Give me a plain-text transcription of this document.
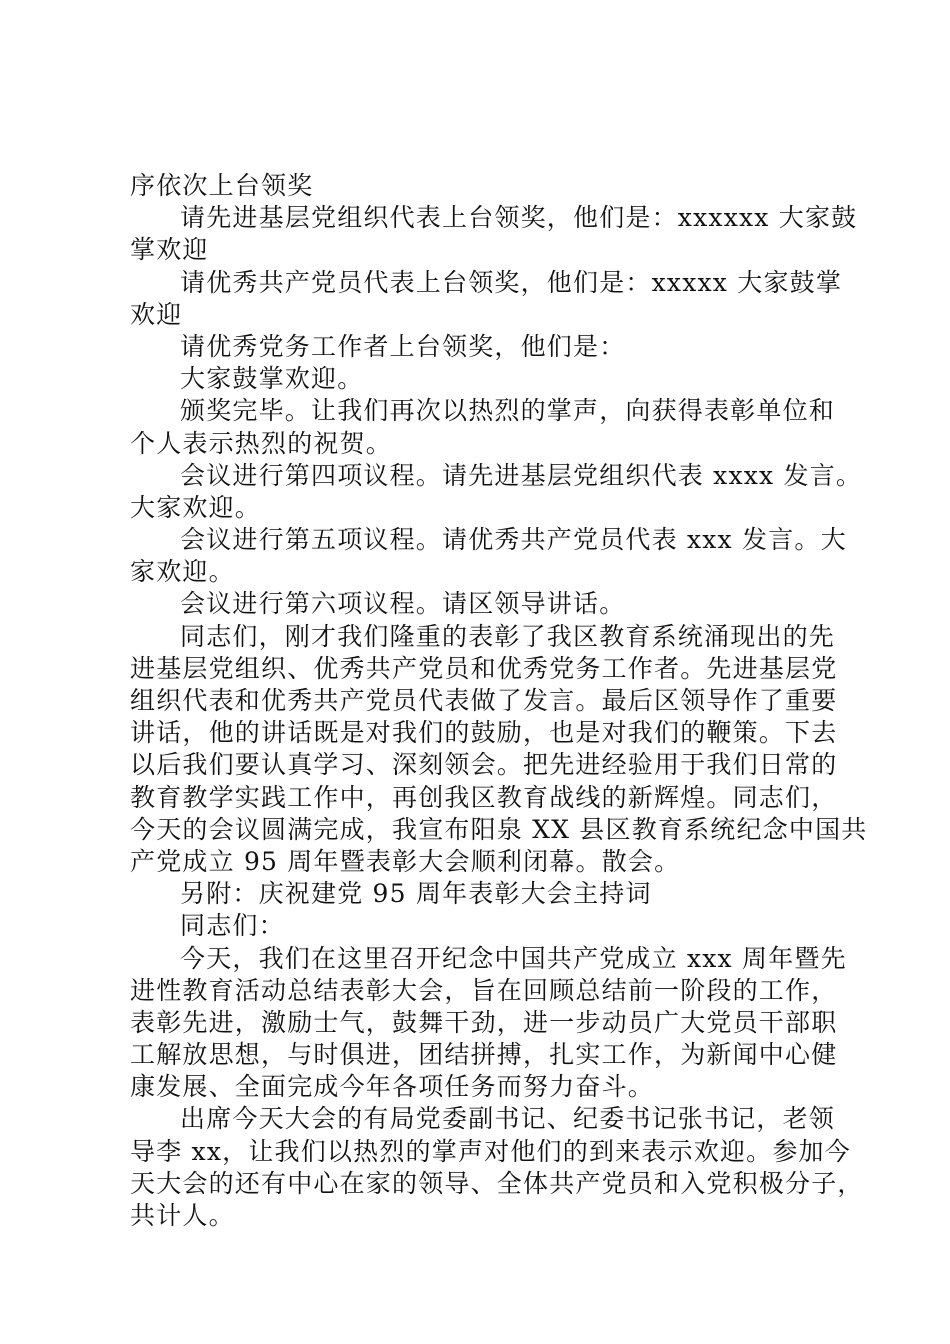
序依次上台领奖
请先进基层党组织代表上台领奖，他们是：xxxxxx 大家鼓
掌欢迎
请优秀共产党员代表上台领奖，他们是：xxxxx 大家鼓掌
欢迎
请优秀党务工作者上台领奖，他们是：
大家鼓掌欢迎。
颁奖完毕。让我们再次以热烈的掌声，向获得表彰单位和
个人表示热烈的祝贺。
会议进行第四项议程。请先进基层党组织代表 xxxx 发言。
大家欢迎。
会议进行第五项议程。请优秀共产党员代表 xxx 发言。大
家欢迎。
会议进行第六项议程。请区领导讲话。
同志们，刚才我们隆重的表彰了我区教育系统涌现出的先
进基层党组织、优秀共产党员和优秀党务工作者。先进基层党
组织代表和优秀共产党员代表做了发言。最后区领导作了重要
讲话，他的讲话既是对我们的鼓励，也是对我们的鞭策。下去
以后我们要认真学习、深刻领会。把先进经验用于我们日常的
教育教学实践工作中，再创我区教育战线的新辉煌。同志们，
今天的会议圆满完成，我宣布阳泉 XX 县区教育系统纪念中国共
产党成立 95 周年暨表彰大会顺利闭幕。散会。
另附：庆祝建党 95 周年表彰大会主持词
同志们：
今天，我们在这里召开纪念中国共产党成立 xxx 周年暨先
进性教育活动总结表彰大会，旨在回顾总结前一阶段的工作，
表彰先进，激励士气，鼓舞干劲，进一步动员广大党员干部职
工解放思想，与时俱进，团结拼搏，扎实工作，为新闻中心健
康发展、全面完成今年各项任务而努力奋斗。
出席今天大会的有局党委副书记、纪委书记张书记，老领
导李 xx，让我们以热烈的掌声对他们的到来表示欢迎。参加今
天大会的还有中心在家的领导、全体共产党员和入党积极分子，
共计人。
